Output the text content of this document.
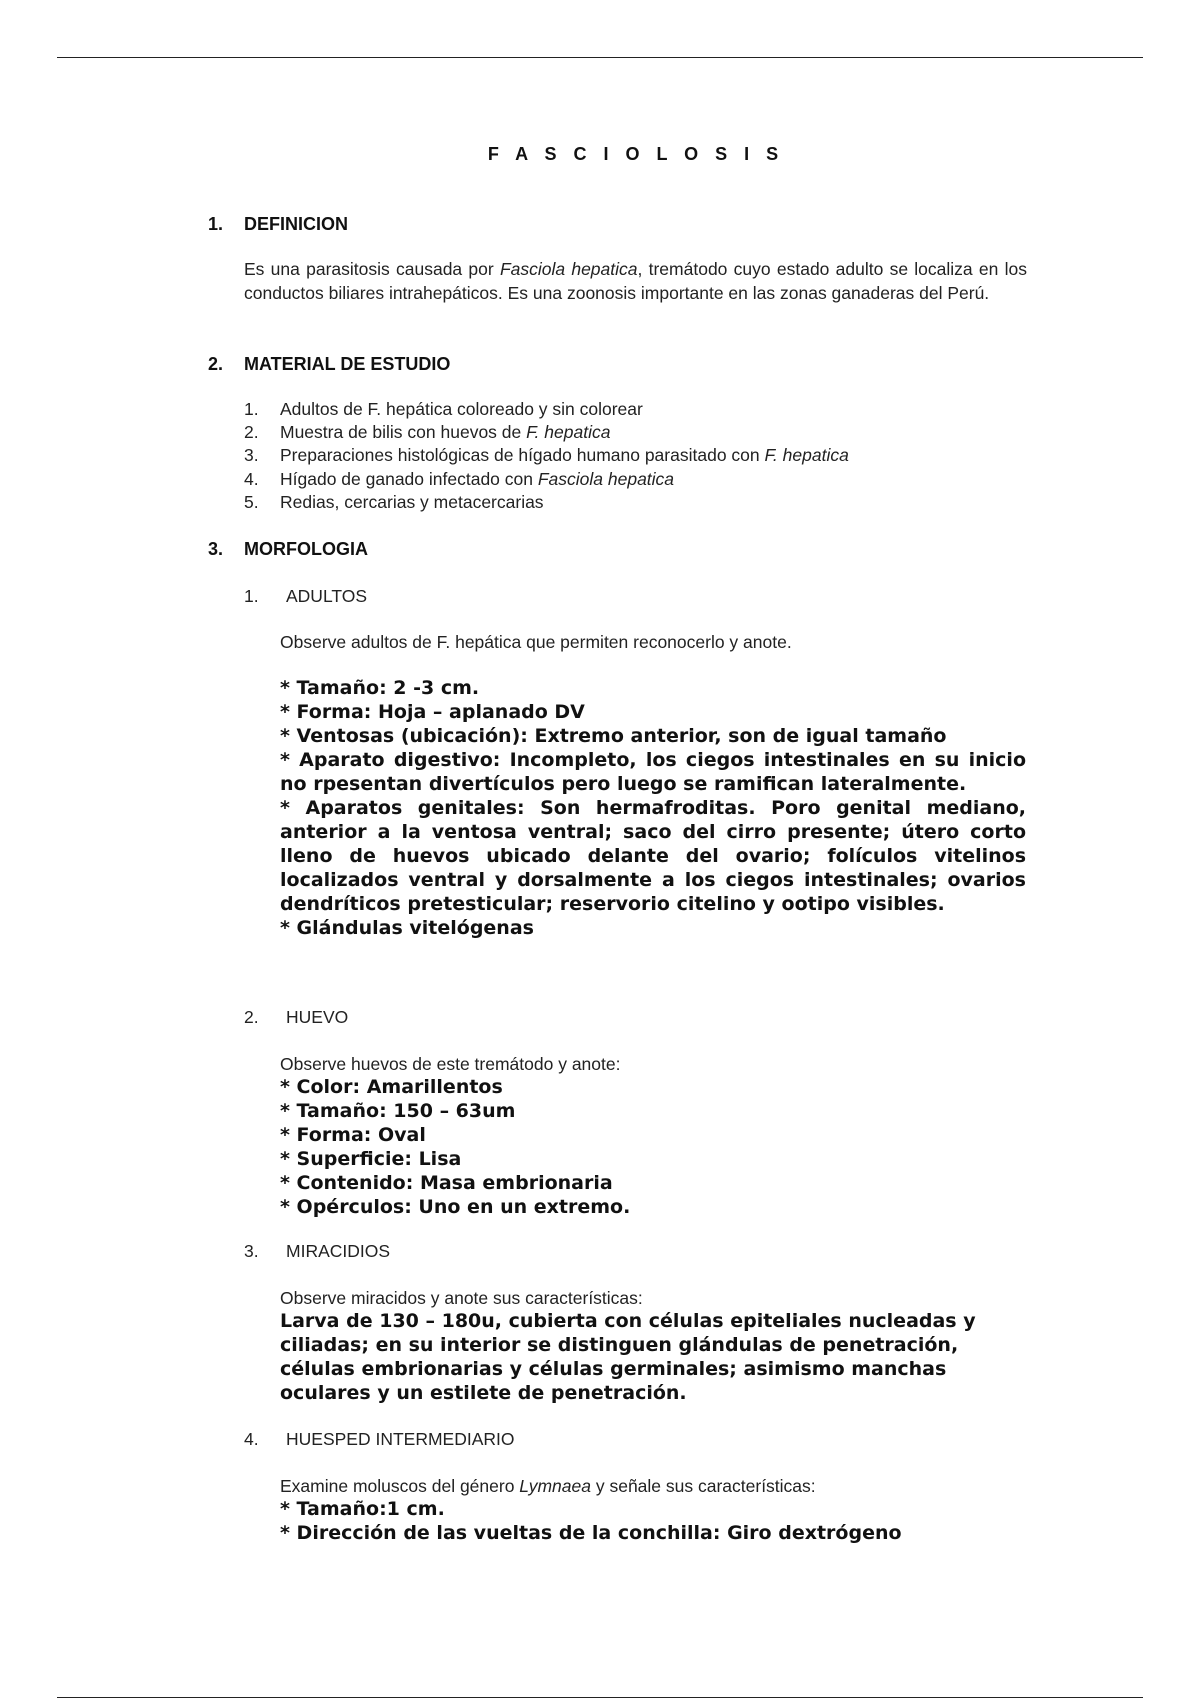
F A S C I O L O S I S
1. DEFINICION
Es una parasitosis causada por Fasciola hepatica, tremátodo cuyo estado adulto se localiza en los conductos biliares intrahepáticos. Es una zoonosis importante en las zonas ganaderas del Perú.
2. MATERIAL DE ESTUDIO
1. Adultos de F. hepática coloreado y sin colorear
2. Muestra de bilis con huevos de F. hepatica
3. Preparaciones histológicas de hígado humano parasitado con F. hepatica
4. Hígado de ganado infectado con Fasciola hepatica
5. Redias, cercarias y metacercarias
3. MORFOLOGIA
1. ADULTOS
Observe adultos de F. hepática que permiten reconocerlo y anote.
* Tamaño: 2 -3 cm.
* Forma: Hoja – aplanado DV
* Ventosas (ubicación): Extremo anterior, son de igual tamaño
* Aparato digestivo: Incompleto, los ciegos intestinales en su inicio no rpesentan divertículos pero luego se ramifican lateralmente.
* Aparatos genitales: Son hermafroditas. Poro genital mediano, anterior a la ventosa ventral; saco del cirro presente; útero corto lleno de huevos ubicado delante del ovario; folículos vitelinos localizados ventral y dorsalmente a los ciegos intestinales; ovarios dendríticos pretesticular; reservorio citelino y ootipo visibles.
* Glándulas vitelógenas
2. HUEVO
Observe huevos de este tremátodo y anote:
* Color: Amarillentos
* Tamaño: 150 – 63um
* Forma: Oval
* Superficie: Lisa
* Contenido: Masa embrionaria
* Opérculos: Uno en un extremo.
3. MIRACIDIOS
Observe miracidos y anote sus características:
Larva de 130 – 180u, cubierta con células epiteliales nucleadas y
ciliadas; en su interior se distinguen glándulas de penetración,
células embrionarias y células germinales; asimismo manchas
oculares y un estilete de penetración.
4. HUESPED INTERMEDIARIO
Examine moluscos del género Lymnaea y señale sus características:
* Tamaño:1 cm.
* Dirección de las vueltas de la conchilla: Giro dextrógeno
